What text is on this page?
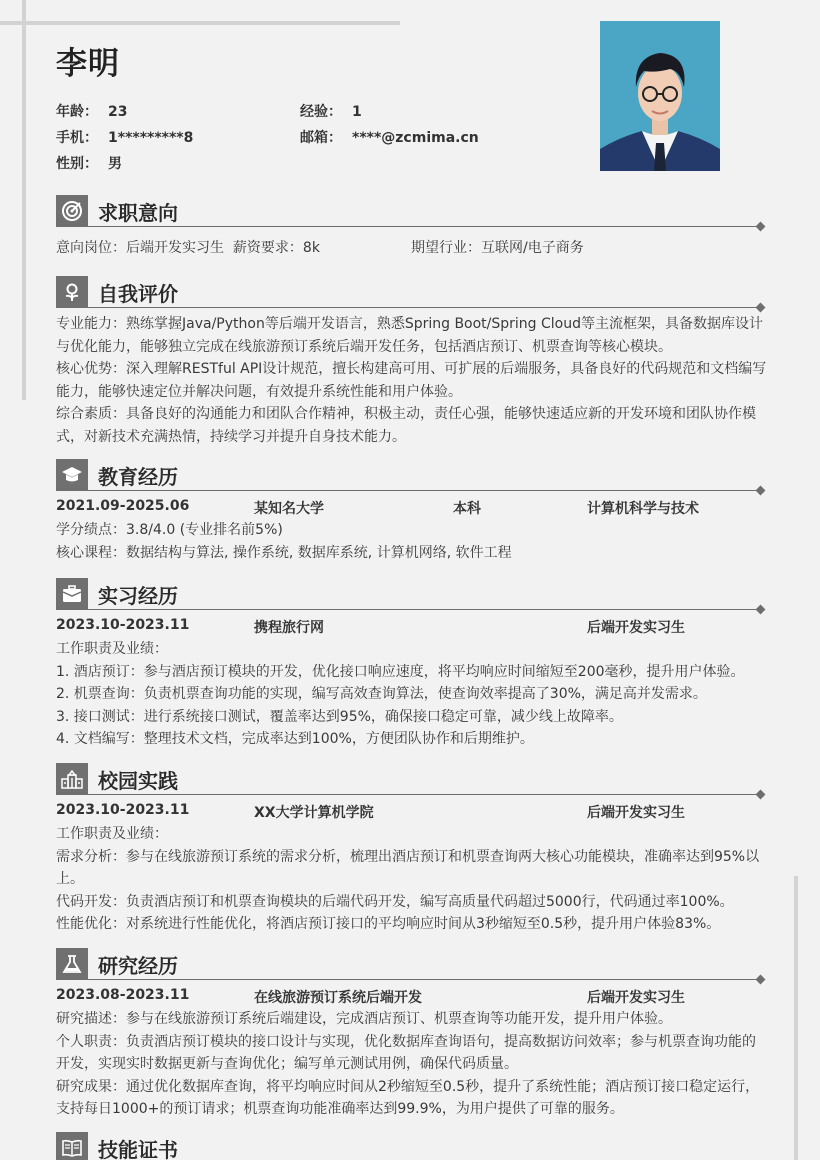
李明
年龄： 23	经验： 1
手机： 1*********8	邮箱： ****@zcmima.cn
性别： 男
求职意向
意向岗位：后端开发实习生 薪资要求：8k	期望行业：互联网/电子商务
自我评价
专业能力：熟练掌握Java/Python等后端开发语言，熟悉Spring Boot/Spring Cloud等主流框架，具备数据库设计
与优化能力，能够独立完成在线旅游预订系统后端开发任务，包括酒店预订、机票查询等核心模块。
核心优势：深入理解RESTful API设计规范，擅长构建高可用、可扩展的后端服务，具备良好的代码规范和文档编写
能力，能够快速定位并解决问题，有效提升系统性能和用户体验。
综合素质：具备良好的沟通能力和团队合作精神，积极主动，责任心强，能够快速适应新的开发环境和团队协作模
式，对新技术充满热情，持续学习并提升自身技术能力。
教育经历
2021.09-2025.06	某知名大学	本科	计算机科学与技术
学分绩点：3.8/4.0 (专业排名前5%)
核心课程：数据结构与算法, 操作系统, 数据库系统, 计算机网络, 软件工程
实习经历
2023.10-2023.11	携程旅行网	后端开发实习生
工作职责及业绩：
1. 酒店预订：参与酒店预订模块的开发，优化接口响应速度，将平均响应时间缩短至200毫秒，提升用户体验。
2. 机票查询：负责机票查询功能的实现，编写高效查询算法，使查询效率提高了30%，满足高并发需求。
3. 接口测试：进行系统接口测试，覆盖率达到95%，确保接口稳定可靠，减少线上故障率。
4. 文档编写：整理技术文档，完成率达到100%，方便团队协作和后期维护。
校园实践
2023.10-2023.11	XX大学计算机学院	后端开发实习生
工作职责及业绩：
需求分析：参与在线旅游预订系统的需求分析，梳理出酒店预订和机票查询两大核心功能模块，准确率达到95%以
上。
代码开发：负责酒店预订和机票查询模块的后端代码开发，编写高质量代码超过5000行，代码通过率100%。
性能优化：对系统进行性能优化，将酒店预订接口的平均响应时间从3秒缩短至0.5秒，提升用户体验83%。
研究经历
2023.08-2023.11	在线旅游预订系统后端开发	后端开发实习生
研究描述：参与在线旅游预订系统后端建设，完成酒店预订、机票查询等功能开发，提升用户体验。
个人职责：负责酒店预订模块的接口设计与实现，优化数据库查询语句，提高数据访问效率；参与机票查询功能的
开发，实现实时数据更新与查询优化；编写单元测试用例，确保代码质量。
研究成果：通过优化数据库查询，将平均响应时间从2秒缩短至0.5秒，提升了系统性能；酒店预订接口稳定运行，
支持每日1000+的预订请求；机票查询功能准确率达到99.9%，为用户提供了可靠的服务。
技能证书
